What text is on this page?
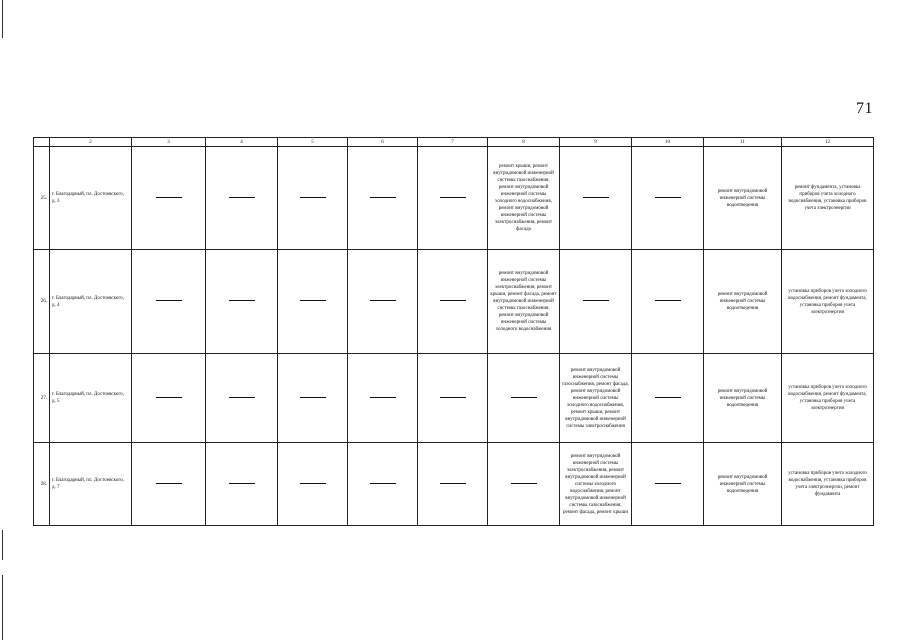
71
	2	3	4	5	6	7	8	9	10	11	12
25.	г. Благодарный, пл. Достоевского, д. 3						ремонт крыши, ремонт внутридомовой инженерной системы газоснабжения, ремонт внутридомовой инженерной системы холодного водоснабжения, ремонт внутридомовой инженерной системы электроснабжения, ремонт фасада			ремонт внутридомовой инженерной системы водоотведения	ремонт фундамента, установка приборов учета холодного водоснабжения, установка приборов учета электроэнергии
26.	г. Благодарный, пл. Достоевского, д. 4						ремонт внутридомовой инженерной системы электроснабжения, ремонт крыши, ремонт фасада, ремонт внутридомовой инженерной системы газоснабжения, ремонт внутридомовой инженерной системы холодного водоснабжения			ремонт внутридомовой инженерной системы водоотведения	установка приборов учета холодного водоснабжения, ремонт фундамента, установка приборов учета электроэнергии
27.	г. Благодарный, пл. Достоевского, д. 5							ремонт внутридомовой инженерной системы газоснабжения, ремонт фасада, ремонт внутридомовой инженерной системы холодного водоснабжения, ремонт крыши, ремонт внутридомовой инженерной системы электроснабжения		ремонт внутридомовой инженерной системы водоотведения	установка приборов учета холодного водоснабжения, ремонт фундамента, установка приборов учета электроэнергии
28.	г. Благодарный, пл. Достоевского, д. 7							ремонт внутридомовой инженерной системы электроснабжения, ремонт внутридомовой инженерной системы холодного водоснабжения, ремонт внутридомовой инженерной системы газоснабжения, ремонт фасада, ремонт крыши		ремонт внутридомовой инженерной системы водоотведения	установка приборов учета холодного водоснабжения, установка приборов учета электроэнергии, ремонт фундамента
